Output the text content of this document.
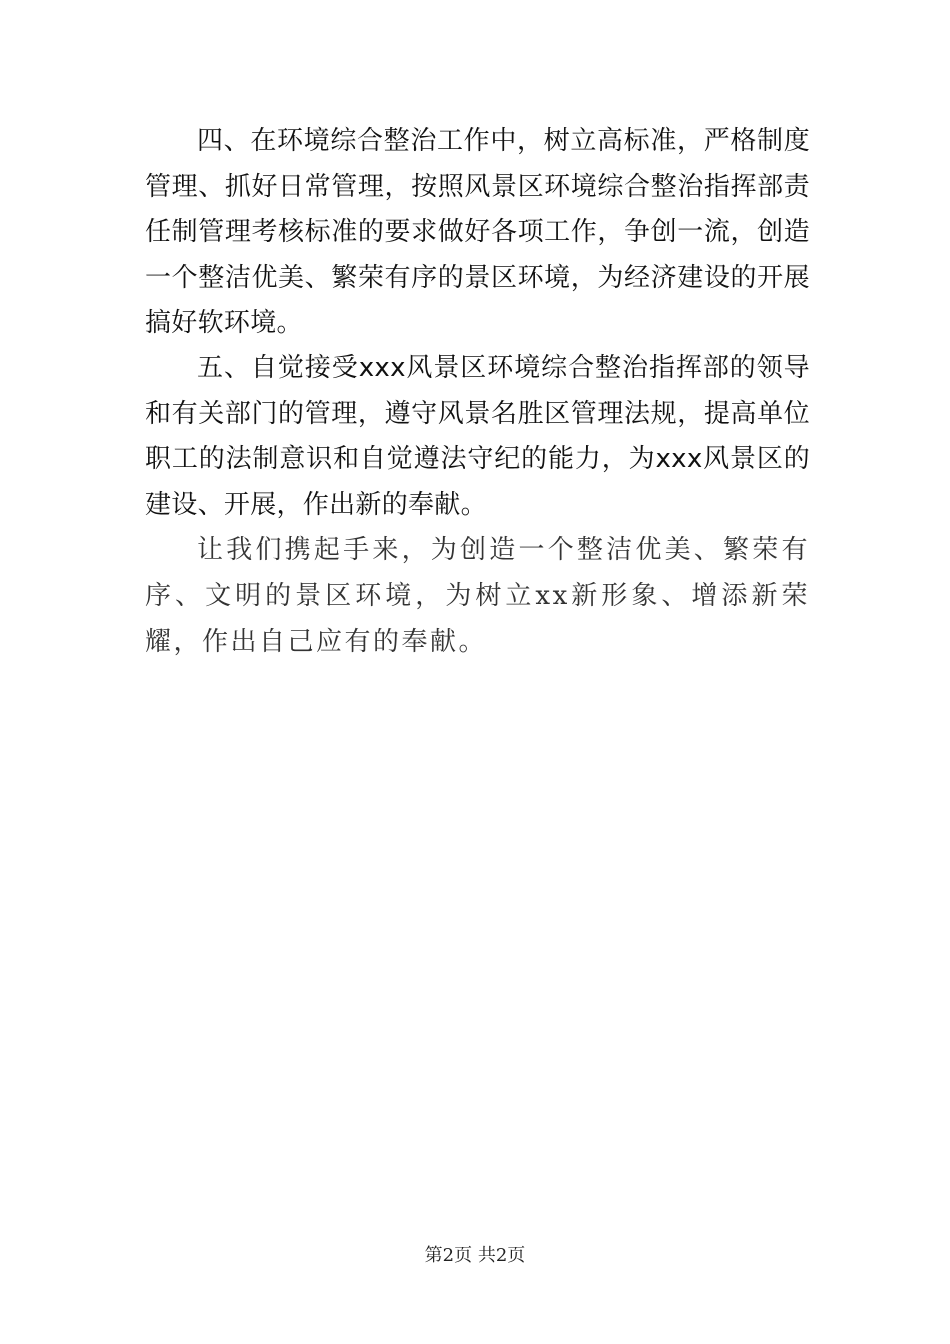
四、在环境综合整治工作中，树立高标准，严格制度管理、抓好日常管理，按照风景区环境综合整治指挥部责任制管理考核标准的要求做好各项工作，争创一流，创造一个整洁优美、繁荣有序的景区环境，为经济建设的开展搞好软环境。

五、自觉接受xxx风景区环境综合整治指挥部的领导和有关部门的管理，遵守风景名胜区管理法规，提高单位职工的法制意识和自觉遵法守纪的能力，为xxx风景区的建设、开展，作出新的奉献。

让我们携起手来，为创造一个整洁优美、繁荣有序、文明的景区环境，为树立xx新形象、增添新荣耀，作出自己应有的奉献。

第2页 共2页
